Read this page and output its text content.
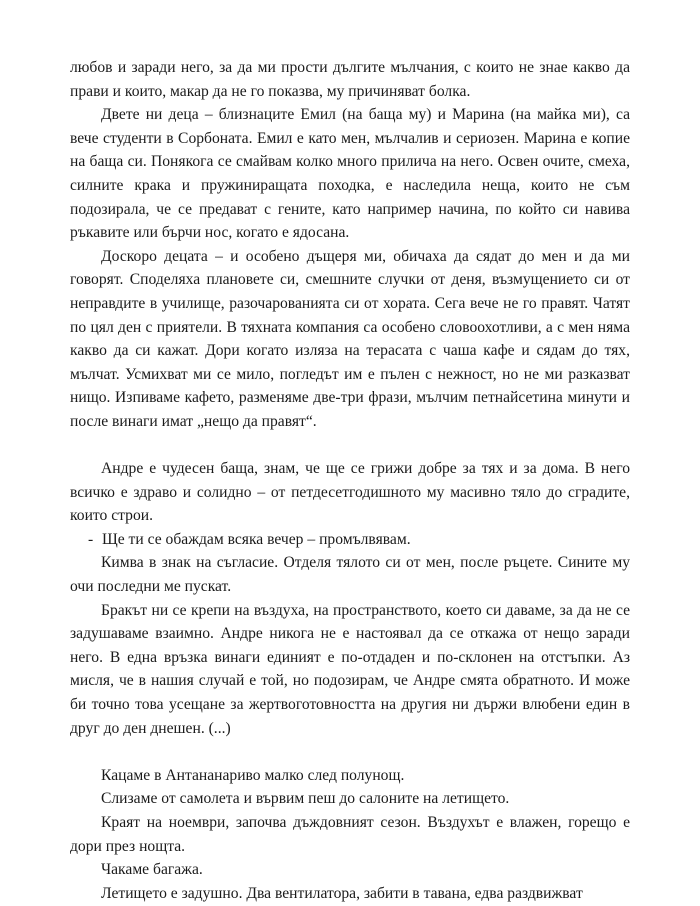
любов и заради него, за да ми прости дългите мълчания, с които не знае какво да прави и които, макар да не го показва, му причиняват болка.

Двете ни деца – близнаците Емил (на баща му) и Марина (на майка ми), са вече студенти в Сорбоната. Емил е като мен, мълчалив и сериозен. Марина е копие на баща си. Понякога се смайвам колко много прилича на него. Освен очите, смеха, силните крака и пружиниращата походка, е наследила неща, които не съм подозирала, че се предават с гените, като например начина, по който си навива ръкавите или бърчи нос, когато е ядосана.

Доскоро децата – и особено дъщеря ми, обичаха да сядат до мен и да ми говорят. Споделяха плановете си, смешните случки от деня, възмущението си от неправдите в училище, разочарованията си от хората. Сега вече не го правят. Чатят по цял ден с приятели. В тяхната компания са особено словоохотливи, а с мен няма какво да си кажат. Дори когато изляза на терасата с чаша кафе и сядам до тях, мълчат. Усмихват ми се мило, погледът им е пълен с нежност, но не ми разказват нищо. Изпиваме кафето, разменяме две-три фрази, мълчим петнайсетина минути и после винаги имат „нещо да правят“.

Андре е чудесен баща, знам, че ще се грижи добре за тях и за дома. В него всичко е здраво и солидно – от петдесетгодишното му масивно тяло до сградите, които строи.

- Ще ти се обаждам всяка вечер – промълвявам.

Кимва в знак на съгласие. Отделя тялото си от мен, после ръцете. Сините му очи последни ме пускат.

Бракът ни се крепи на въздуха, на пространството, което си даваме, за да не се задушаваме взаимно. Андре никога не е настоявал да се откажа от нещо заради него. В една връзка винаги единият е по-отдаден и по-склонен на отстъпки. Аз мисля, че в нашия случай е той, но подозирам, че Андре смята обратното. И може би точно това усещане за жертвоготовността на другия ни държи влюбени един в друг до ден днешен. (...)

Кацаме в Антананариво малко след полунощ.

Слизаме от самолета и вървим пеш до салоните на летището.

Краят на ноември, започва дъждовният сезон. Въздухът е влажен, горещо е дори през нощта.

Чакаме багажа.

Летището е задушно. Два вентилатора, забити в тавана, едва раздвижват
